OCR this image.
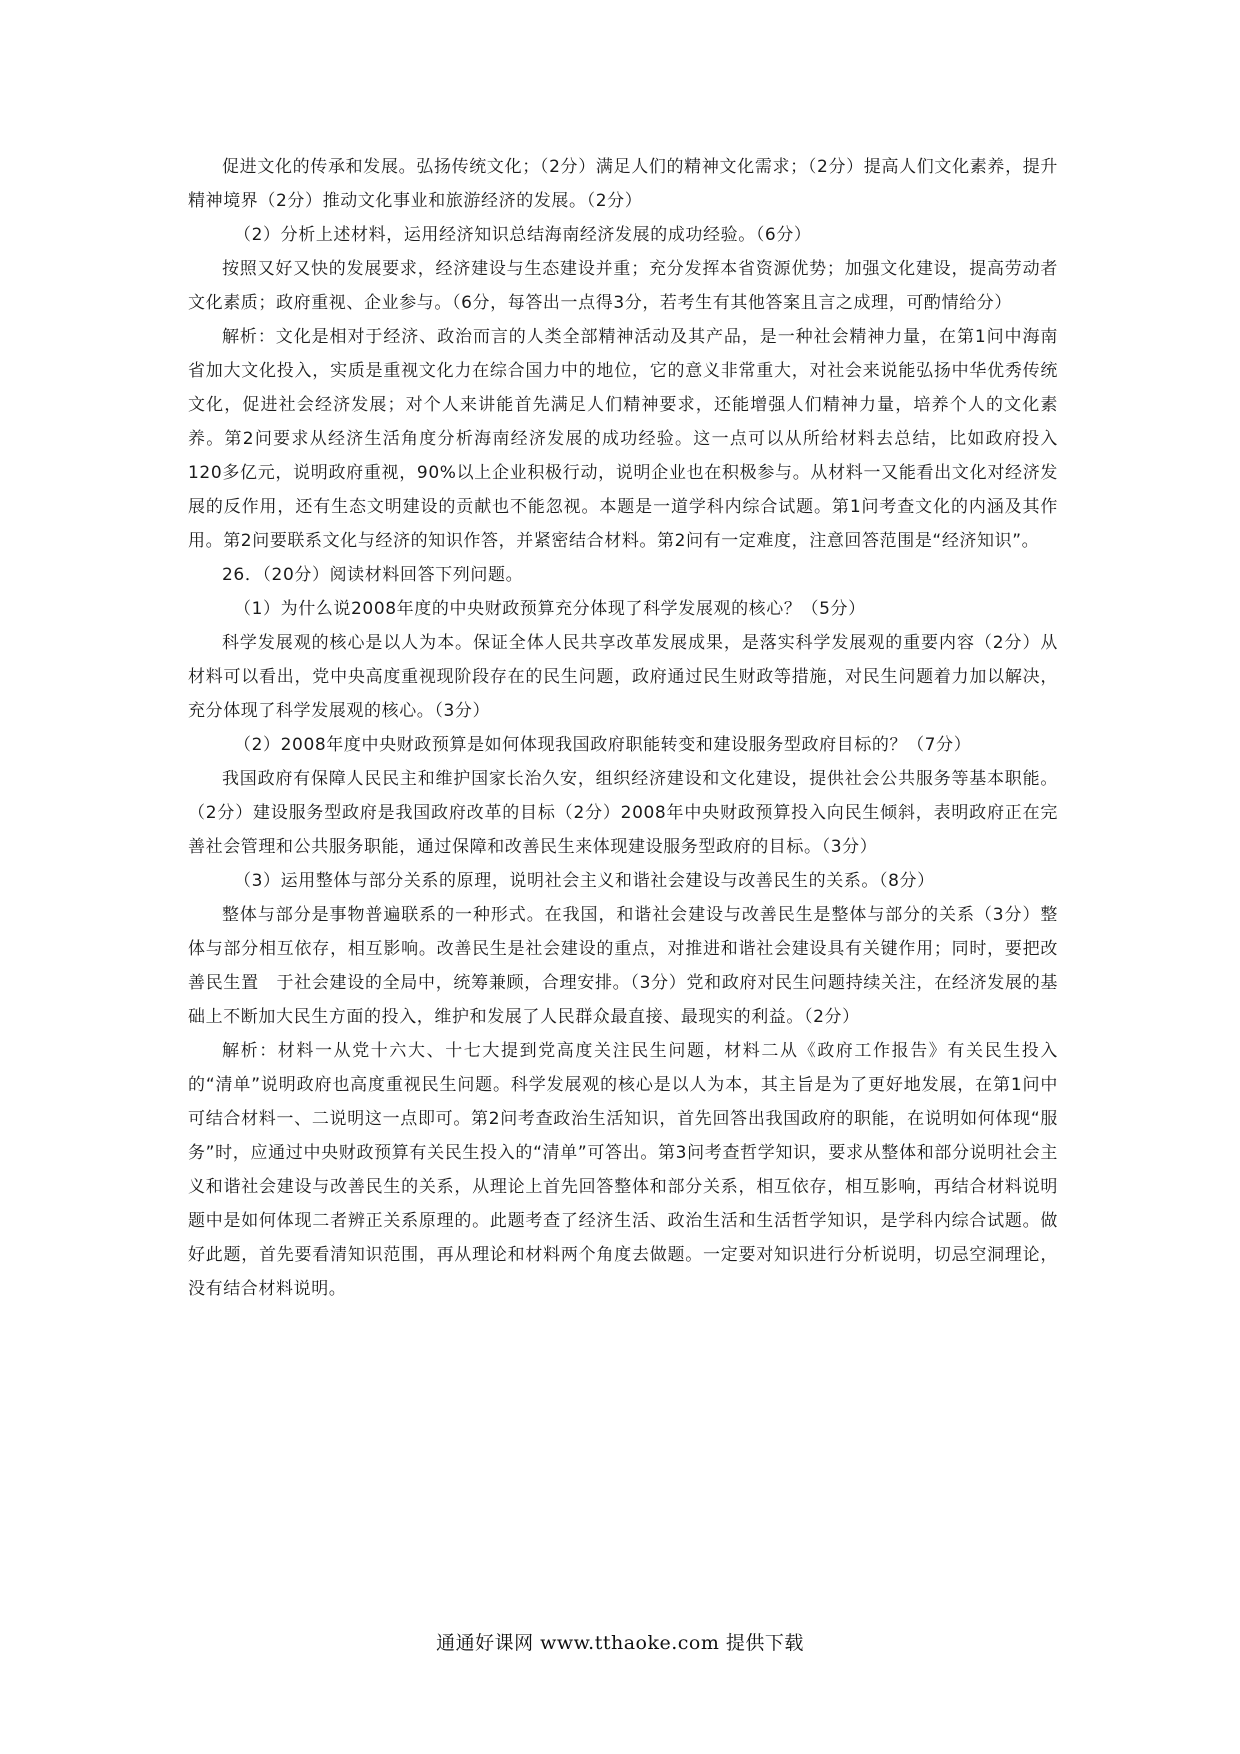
促进文化的传承和发展。弘扬传统文化；（2分）满足人们的精神文化需求；（2分）提高人们文化素养，提升精神境界（2分）推动文化事业和旅游经济的发展。（2分）

（2）分析上述材料，运用经济知识总结海南经济发展的成功经验。（6分）

按照又好又快的发展要求，经济建设与生态建设并重；充分发挥本省资源优势；加强文化建设，提高劳动者文化素质；政府重视、企业参与。（6分，每答出一点得3分，若考生有其他答案且言之成理，可酌情给分）

解析：文化是相对于经济、政治而言的人类全部精神活动及其产品，是一种社会精神力量，在第1问中海南省加大文化投入，实质是重视文化力在综合国力中的地位，它的意义非常重大，对社会来说能弘扬中华优秀传统文化，促进社会经济发展；对个人来讲能首先满足人们精神要求，还能增强人们精神力量，培养个人的文化素养。第2问要求从经济生活角度分析海南经济发展的成功经验。这一点可以从所给材料去总结，比如政府投入120多亿元，说明政府重视，90%以上企业积极行动，说明企业也在积极参与。从材料一又能看出文化对经济发展的反作用，还有生态文明建设的贡献也不能忽视。本题是一道学科内综合试题。第1问考查文化的内涵及其作用。第2问要联系文化与经济的知识作答，并紧密结合材料。第2问有一定难度，注意回答范围是“经济知识”。

26．（20分）阅读材料回答下列问题。

（1）为什么说2008年度的中央财政预算充分体现了科学发展观的核心？（5分）

科学发展观的核心是以人为本。保证全体人民共享改革发展成果，是落实科学发展观的重要内容（2分）从材料可以看出，党中央高度重视现阶段存在的民生问题，政府通过民生财政等措施，对民生问题着力加以解决，充分体现了科学发展观的核心。（3分）

（2）2008年度中央财政预算是如何体现我国政府职能转变和建设服务型政府目标的？（7分）

我国政府有保障人民民主和维护国家长治久安，组织经济建设和文化建设，提供社会公共服务等基本职能。（2分）建设服务型政府是我国政府改革的目标（2分）2008年中央财政预算投入向民生倾斜，表明政府正在完善社会管理和公共服务职能，通过保障和改善民生来体现建设服务型政府的目标。（3分）

（3）运用整体与部分关系的原理，说明社会主义和谐社会建设与改善民生的关系。（8分）

整体与部分是事物普遍联系的一种形式。在我国，和谐社会建设与改善民生是整体与部分的关系（3分）整体与部分相互依存，相互影响。改善民生是社会建设的重点，对推进和谐社会建设具有关键作用；同时，要把改善民生置　于社会建设的全局中，统筹兼顾，合理安排。（3分）党和政府对民生问题持续关注，在经济发展的基础上不断加大民生方面的投入，维护和发展了人民群众最直接、最现实的利益。（2分）

解析：材料一从党十六大、十七大提到党高度关注民生问题，材料二从《政府工作报告》有关民生投入的“清单”说明政府也高度重视民生问题。科学发展观的核心是以人为本，其主旨是为了更好地发展，在第1问中可结合材料一、二说明这一点即可。第2问考查政治生活知识，首先回答出我国政府的职能，在说明如何体现“服务”时，应通过中央财政预算有关民生投入的“清单”可答出。第3问考查哲学知识，要求从整体和部分说明社会主义和谐社会建设与改善民生的关系，从理论上首先回答整体和部分关系，相互依存，相互影响，再结合材料说明题中是如何体现二者辨正关系原理的。此题考查了经济生活、政治生活和生活哲学知识，是学科内综合试题。做好此题，首先要看清知识范围，再从理论和材料两个角度去做题。一定要对知识进行分析说明，切忌空洞理论，没有结合材料说明。

通通好课网 www.tthaoke.com 提供下载
